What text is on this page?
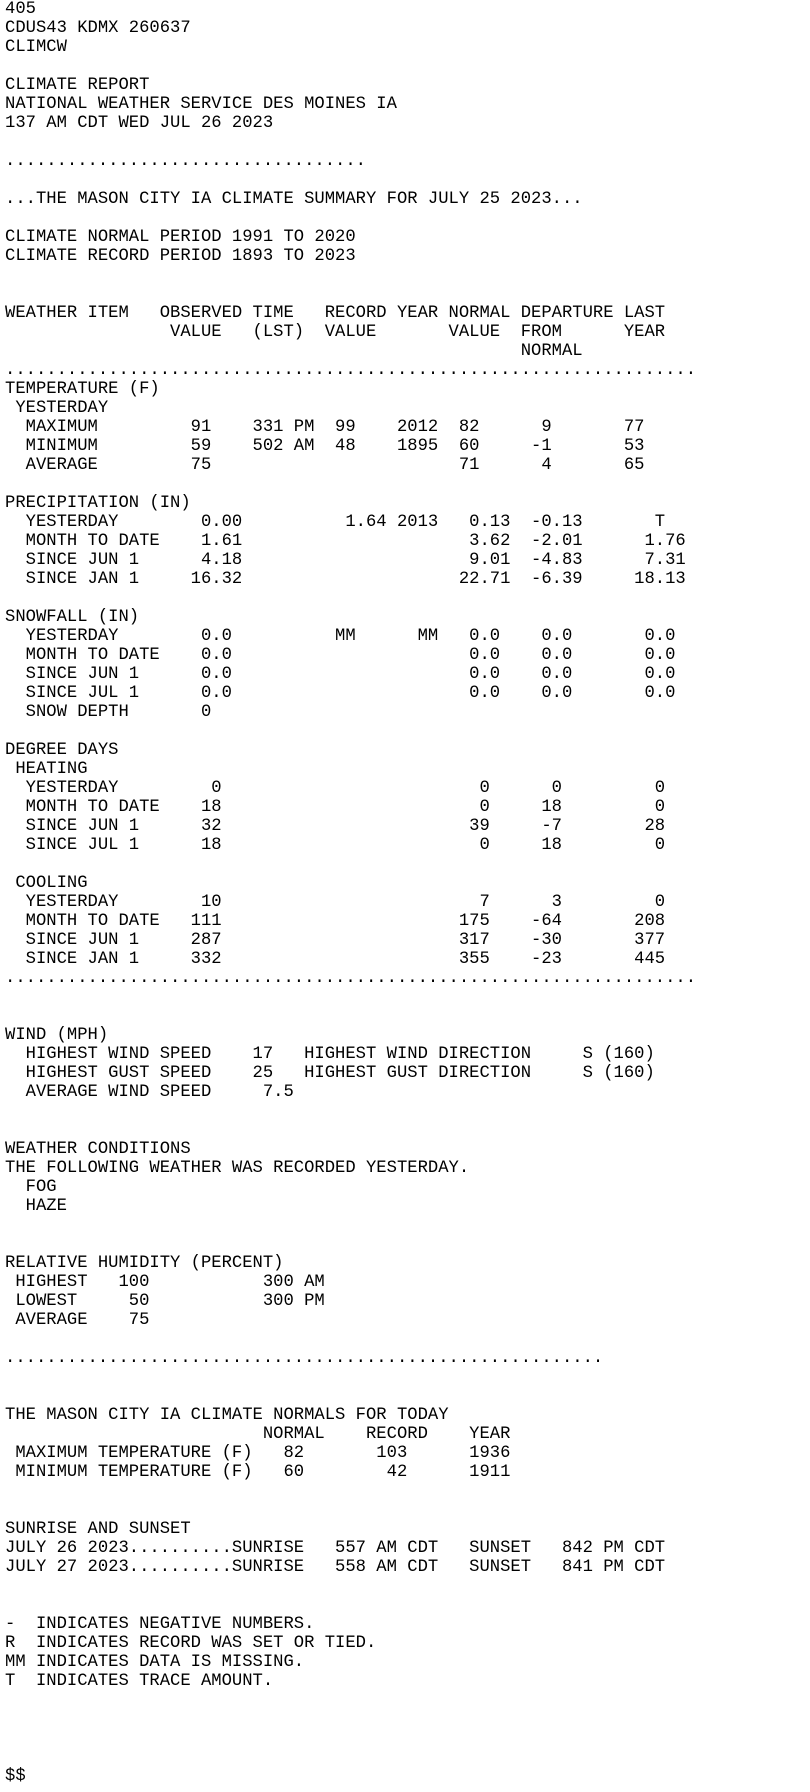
405
CDUS43 KDMX 260637
CLIMCW

CLIMATE REPORT
NATIONAL WEATHER SERVICE DES MOINES IA
137 AM CDT WED JUL 26 2023

...................................

...THE MASON CITY IA CLIMATE SUMMARY FOR JULY 25 2023...

CLIMATE NORMAL PERIOD 1991 TO 2020
CLIMATE RECORD PERIOD 1893 TO 2023

WEATHER ITEM   OBSERVED TIME   RECORD YEAR NORMAL DEPARTURE LAST
VALUE   (LST)  VALUE       VALUE  FROM      YEAR
NORMAL
...................................................................
TEMPERATURE (F)
YESTERDAY
MAXIMUM         91    331 PM  99    2012  82      9       77
MINIMUM         59    502 AM  48    1895  60     -1       53
AVERAGE         75                        71      4       65

PRECIPITATION (IN)
YESTERDAY        0.00          1.64 2013   0.13  -0.13       T
MONTH TO DATE    1.61                      3.62  -2.01      1.76
SINCE JUN 1      4.18                      9.01  -4.83      7.31
SINCE JAN 1     16.32                     22.71  -6.39     18.13

SNOWFALL (IN)
YESTERDAY        0.0          MM      MM   0.0    0.0       0.0
MONTH TO DATE    0.0                       0.0    0.0       0.0
SINCE JUN 1      0.0                       0.0    0.0       0.0
SINCE JUL 1      0.0                       0.0    0.0       0.0
SNOW DEPTH       0

DEGREE DAYS
HEATING
YESTERDAY         0                         0      0         0
MONTH TO DATE    18                         0     18         0
SINCE JUN 1      32                        39     -7        28
SINCE JUL 1      18                         0     18         0

COOLING
YESTERDAY        10                         7      3         0
MONTH TO DATE   111                       175    -64       208
SINCE JUN 1     287                       317    -30       377
SINCE JAN 1     332                       355    -23       445
...................................................................

WIND (MPH)
HIGHEST WIND SPEED    17   HIGHEST WIND DIRECTION     S (160)
HIGHEST GUST SPEED    25   HIGHEST GUST DIRECTION     S (160)
AVERAGE WIND SPEED     7.5

WEATHER CONDITIONS
THE FOLLOWING WEATHER WAS RECORDED YESTERDAY.
FOG
HAZE

RELATIVE HUMIDITY (PERCENT)
HIGHEST   100           300 AM
LOWEST     50           300 PM
AVERAGE    75

..........................................................

THE MASON CITY IA CLIMATE NORMALS FOR TODAY
NORMAL    RECORD    YEAR
MAXIMUM TEMPERATURE (F)   82       103      1936
MINIMUM TEMPERATURE (F)   60        42      1911

SUNRISE AND SUNSET
JULY 26 2023..........SUNRISE   557 AM CDT   SUNSET   842 PM CDT
JULY 27 2023..........SUNRISE   558 AM CDT   SUNSET   841 PM CDT

-  INDICATES NEGATIVE NUMBERS.
R  INDICATES RECORD WAS SET OR TIED.
MM INDICATES DATA IS MISSING.
T  INDICATES TRACE AMOUNT.

$$
